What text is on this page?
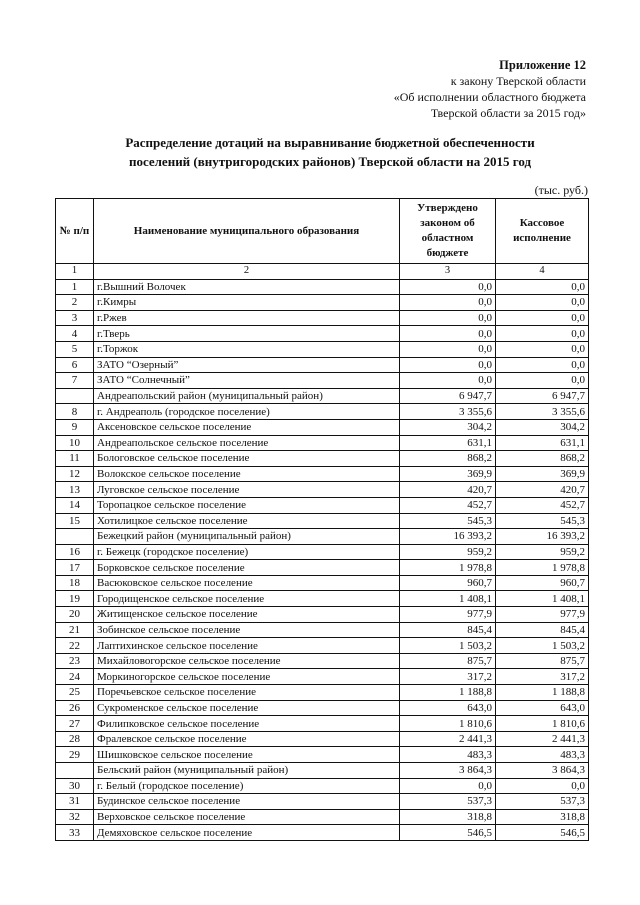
Приложение 12
к закону Тверской области
«Об исполнении областного бюджета
Тверской области за 2015 год»
Распределение дотаций на выравнивание бюджетной обеспеченности
поселений (внутригородских районов) Тверской области на 2015 год
(тыс. руб.)
№ п/п	Наименование муниципального образования	Утверждено законом об областном бюджете	Кассовое исполнение
1	2	3	4
1	г.Вышний Волочек	0,0	0,0
2	г.Кимры	0,0	0,0
3	г.Ржев	0,0	0,0
4	г.Тверь	0,0	0,0
5	г.Торжок	0,0	0,0
6	ЗАТО “Озерный”	0,0	0,0
7	ЗАТО “Солнечный”	0,0	0,0
	Андреапольский район (муниципальный район)	6 947,7	6 947,7
8	г. Андреаполь (городское поселение)	3 355,6	3 355,6
9	Аксеновское сельское поселение	304,2	304,2
10	Андреапольское сельское поселение	631,1	631,1
11	Бологовское сельское поселение	868,2	868,2
12	Волокское сельское поселение	369,9	369,9
13	Луговское сельское поселение	420,7	420,7
14	Торопацкое сельское поселение	452,7	452,7
15	Хотилицкое сельское поселение	545,3	545,3
	Бежецкий район (муниципальный район)	16 393,2	16 393,2
16	г. Бежецк (городское поселение)	959,2	959,2
17	Борковское сельское поселение	1 978,8	1 978,8
18	Васюковское сельское поселение	960,7	960,7
19	Городищенское сельское поселение	1 408,1	1 408,1
20	Житищенское сельское поселение	977,9	977,9
21	Зобинское сельское поселение	845,4	845,4
22	Лаптихинское сельское поселение	1 503,2	1 503,2
23	Михайловогорское сельское поселение	875,7	875,7
24	Моркиногорское сельское поселение	317,2	317,2
25	Поречьевское сельское поселение	1 188,8	1 188,8
26	Сукроменское сельское поселение	643,0	643,0
27	Филипковское сельское поселение	1 810,6	1 810,6
28	Фралевское сельское поселение	2 441,3	2 441,3
29	Шишковское сельское поселение	483,3	483,3
	Бельский район (муниципальный район)	3 864,3	3 864,3
30	г. Белый (городское поселение)	0,0	0,0
31	Будинское сельское поселение	537,3	537,3
32	Верховское сельское поселение	318,8	318,8
33	Демяховское сельское поселение	546,5	546,5
